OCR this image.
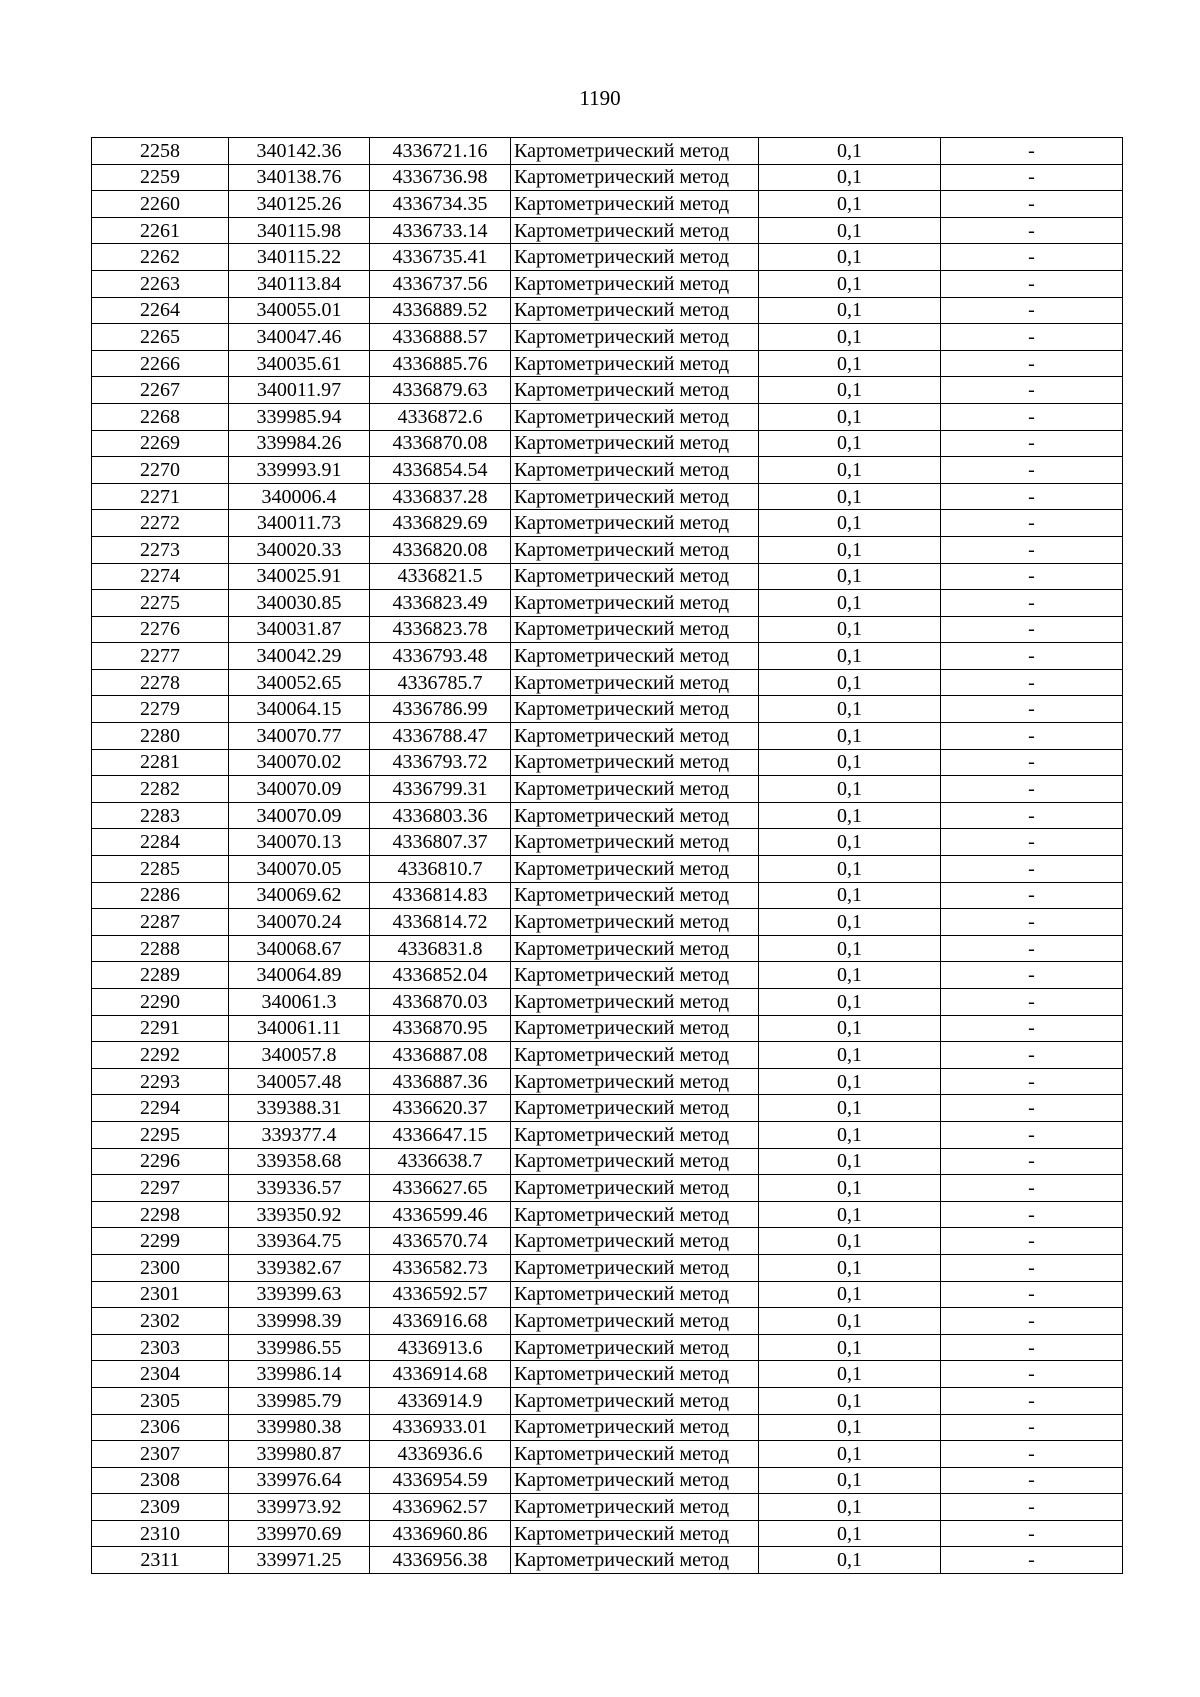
1190
2258	340142.36	4336721.16	Картометрический метод	0,1	-
2259	340138.76	4336736.98	Картометрический метод	0,1	-
2260	340125.26	4336734.35	Картометрический метод	0,1	-
2261	340115.98	4336733.14	Картометрический метод	0,1	-
2262	340115.22	4336735.41	Картометрический метод	0,1	-
2263	340113.84	4336737.56	Картометрический метод	0,1	-
2264	340055.01	4336889.52	Картометрический метод	0,1	-
2265	340047.46	4336888.57	Картометрический метод	0,1	-
2266	340035.61	4336885.76	Картометрический метод	0,1	-
2267	340011.97	4336879.63	Картометрический метод	0,1	-
2268	339985.94	4336872.6	Картометрический метод	0,1	-
2269	339984.26	4336870.08	Картометрический метод	0,1	-
2270	339993.91	4336854.54	Картометрический метод	0,1	-
2271	340006.4	4336837.28	Картометрический метод	0,1	-
2272	340011.73	4336829.69	Картометрический метод	0,1	-
2273	340020.33	4336820.08	Картометрический метод	0,1	-
2274	340025.91	4336821.5	Картометрический метод	0,1	-
2275	340030.85	4336823.49	Картометрический метод	0,1	-
2276	340031.87	4336823.78	Картометрический метод	0,1	-
2277	340042.29	4336793.48	Картометрический метод	0,1	-
2278	340052.65	4336785.7	Картометрический метод	0,1	-
2279	340064.15	4336786.99	Картометрический метод	0,1	-
2280	340070.77	4336788.47	Картометрический метод	0,1	-
2281	340070.02	4336793.72	Картометрический метод	0,1	-
2282	340070.09	4336799.31	Картометрический метод	0,1	-
2283	340070.09	4336803.36	Картометрический метод	0,1	-
2284	340070.13	4336807.37	Картометрический метод	0,1	-
2285	340070.05	4336810.7	Картометрический метод	0,1	-
2286	340069.62	4336814.83	Картометрический метод	0,1	-
2287	340070.24	4336814.72	Картометрический метод	0,1	-
2288	340068.67	4336831.8	Картометрический метод	0,1	-
2289	340064.89	4336852.04	Картометрический метод	0,1	-
2290	340061.3	4336870.03	Картометрический метод	0,1	-
2291	340061.11	4336870.95	Картометрический метод	0,1	-
2292	340057.8	4336887.08	Картометрический метод	0,1	-
2293	340057.48	4336887.36	Картометрический метод	0,1	-
2294	339388.31	4336620.37	Картометрический метод	0,1	-
2295	339377.4	4336647.15	Картометрический метод	0,1	-
2296	339358.68	4336638.7	Картометрический метод	0,1	-
2297	339336.57	4336627.65	Картометрический метод	0,1	-
2298	339350.92	4336599.46	Картометрический метод	0,1	-
2299	339364.75	4336570.74	Картометрический метод	0,1	-
2300	339382.67	4336582.73	Картометрический метод	0,1	-
2301	339399.63	4336592.57	Картометрический метод	0,1	-
2302	339998.39	4336916.68	Картометрический метод	0,1	-
2303	339986.55	4336913.6	Картометрический метод	0,1	-
2304	339986.14	4336914.68	Картометрический метод	0,1	-
2305	339985.79	4336914.9	Картометрический метод	0,1	-
2306	339980.38	4336933.01	Картометрический метод	0,1	-
2307	339980.87	4336936.6	Картометрический метод	0,1	-
2308	339976.64	4336954.59	Картометрический метод	0,1	-
2309	339973.92	4336962.57	Картометрический метод	0,1	-
2310	339970.69	4336960.86	Картометрический метод	0,1	-
2311	339971.25	4336956.38	Картометрический метод	0,1	-
